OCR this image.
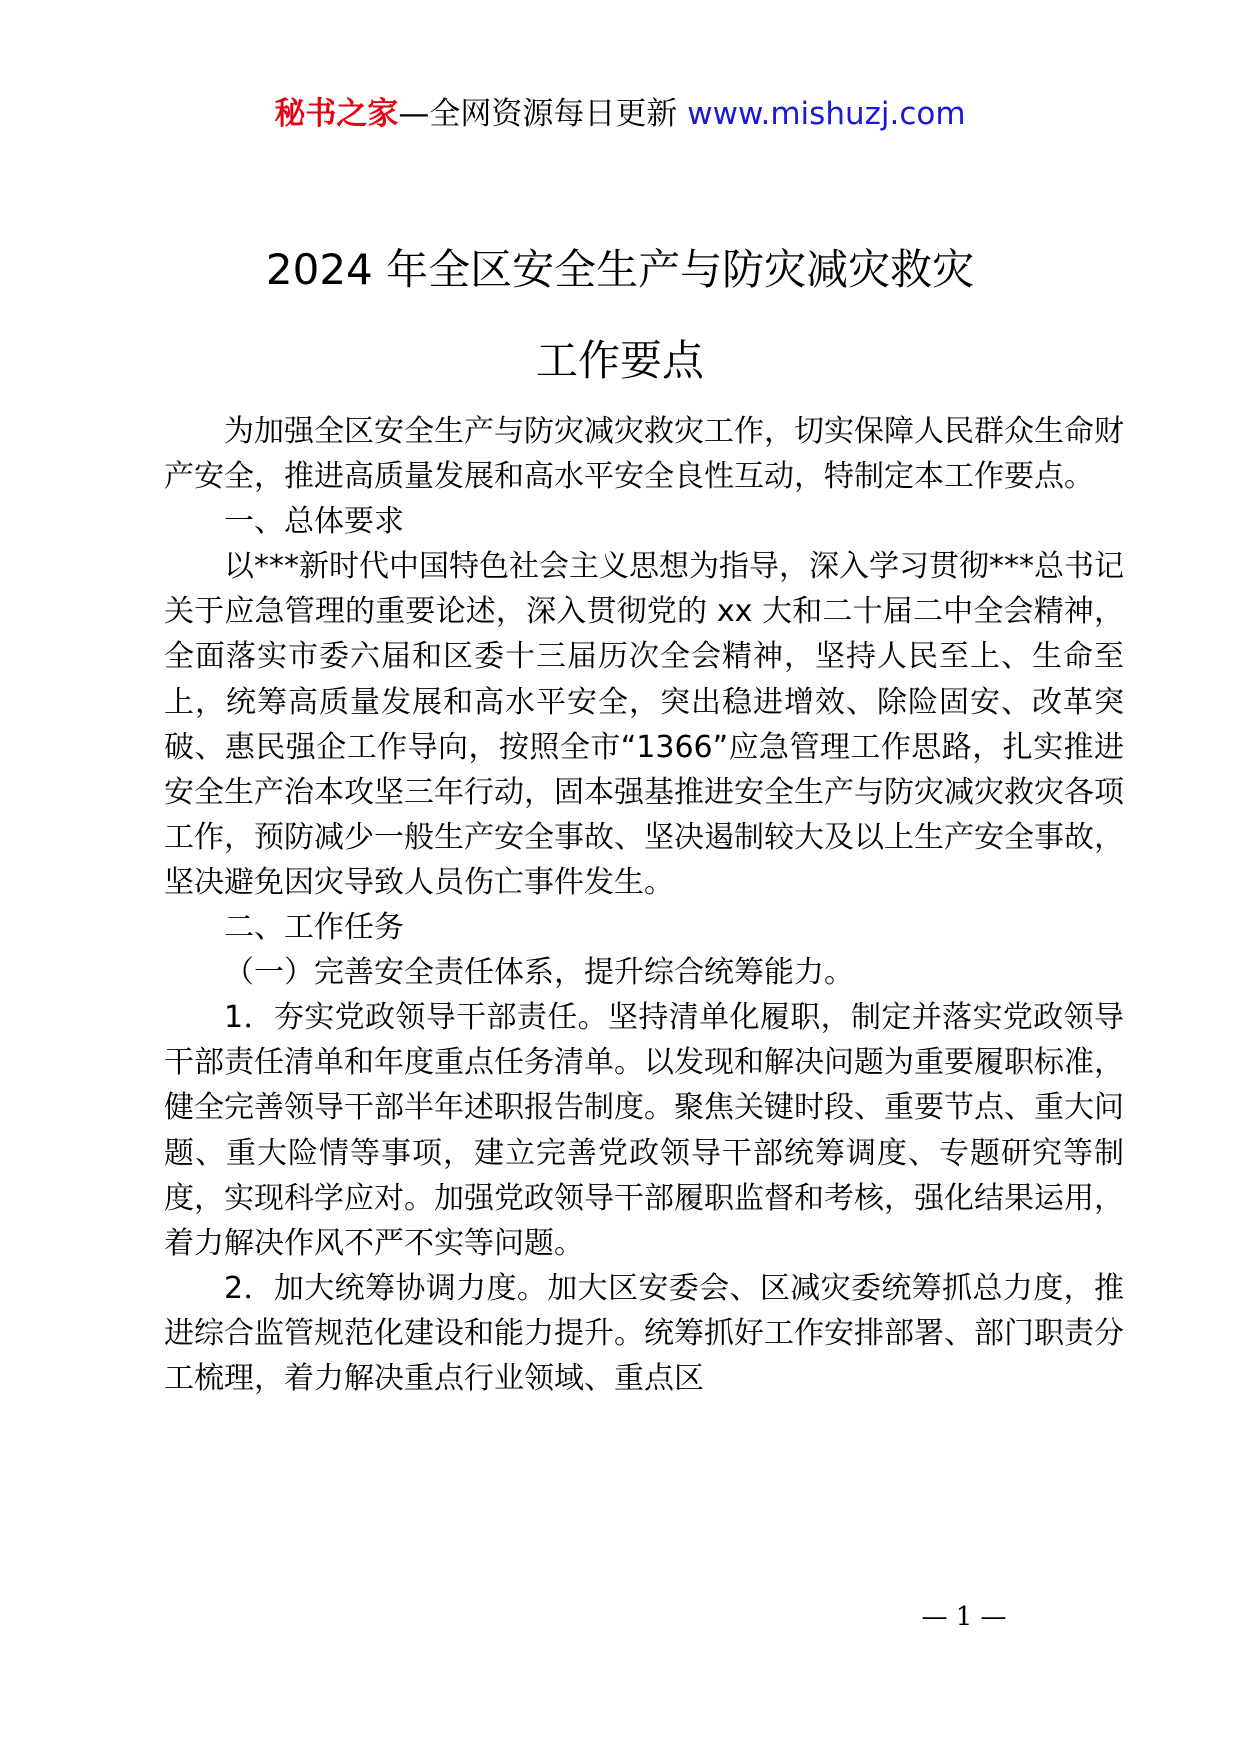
秘书之家—全网资源每日更新 www.mishuzj.com
2024 年全区安全生产与防灾减灾救灾
工作要点

为加强全区安全生产与防灾减灾救灾工作，切实保障人民群众生命财产安全，推进高质量发展和高水平安全良性互动，特制定本工作要点。

一、总体要求

以***新时代中国特色社会主义思想为指导，深入学习贯彻***总书记关于应急管理的重要论述，深入贯彻党的 xx 大和二十届二中全会精神，全面落实市委六届和区委十三届历次全会精神，坚持人民至上、生命至上，统筹高质量发展和高水平安全，突出稳进增效、除险固安、改革突破、惠民强企工作导向，按照全市“1366”应急管理工作思路，扎实推进安全生产治本攻坚三年行动，固本强基推进安全生产与防灾减灾救灾各项工作，预防减少一般生产安全事故、坚决遏制较大及以上生产安全事故，坚决避免因灾导致人员伤亡事件发生。

二、工作任务

（一）完善安全责任体系，提升综合统筹能力。

1．夯实党政领导干部责任。坚持清单化履职，制定并落实党政领导干部责任清单和年度重点任务清单。以发现和解决问题为重要履职标准，健全完善领导干部半年述职报告制度。聚焦关键时段、重要节点、重大问题、重大险情等事项，建立完善党政领导干部统筹调度、专题研究等制度，实现科学应对。加强党政领导干部履职监督和考核，强化结果运用，着力解决作风不严不实等问题。

2．加大统筹协调力度。加大区安委会、区减灾委统筹抓总力度，推进综合监管规范化建设和能力提升。统筹抓好工作安排部署、部门职责分工梳理，着力解决重点行业领域、重点区

— 1 —
